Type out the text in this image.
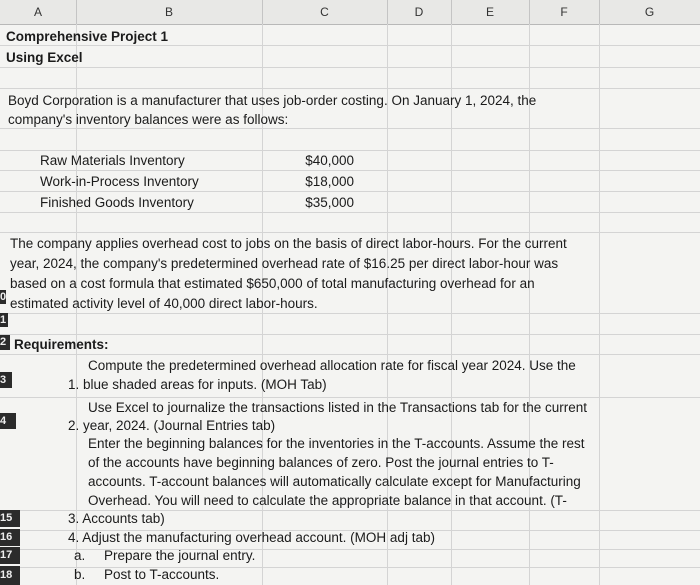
A	B	C	D	E	F	G
0
1
2
3
4
15
16
17
18
Comprehensive Project 1
Using Excel
Boyd Corporation is a manufacturer that uses job-order costing. On January 1, 2024, the
company's inventory balances were as follows:
Raw Materials Inventory	$40,000
Work-in-Process Inventory	$18,000
Finished Goods Inventory	$35,000
The company applies overhead cost to jobs on the basis of direct labor-hours. For the current
year, 2024, the company's predetermined overhead rate of $16.25 per direct labor-hour was
based on a cost formula that estimated $650,000 of total manufacturing overhead for an
estimated activity level of 40,000 direct labor-hours.
Requirements:
Compute the predetermined overhead allocation rate for fiscal year 2024. Use the
1. blue shaded areas for inputs. (MOH Tab)
Use Excel to journalize the transactions listed in the Transactions tab for the current
2. year, 2024. (Journal Entries tab)
Enter the beginning balances for the inventories in the T-accounts. Assume the rest
of the accounts have beginning balances of zero. Post the journal entries to T-
accounts. T-account balances will automatically calculate except for Manufacturing
Overhead. You will need to calculate the appropriate balance in that account. (T-
3. Accounts tab)
4. Adjust the manufacturing overhead account. (MOH adj tab)
a. Prepare the journal entry.
b. Post to T-accounts.
